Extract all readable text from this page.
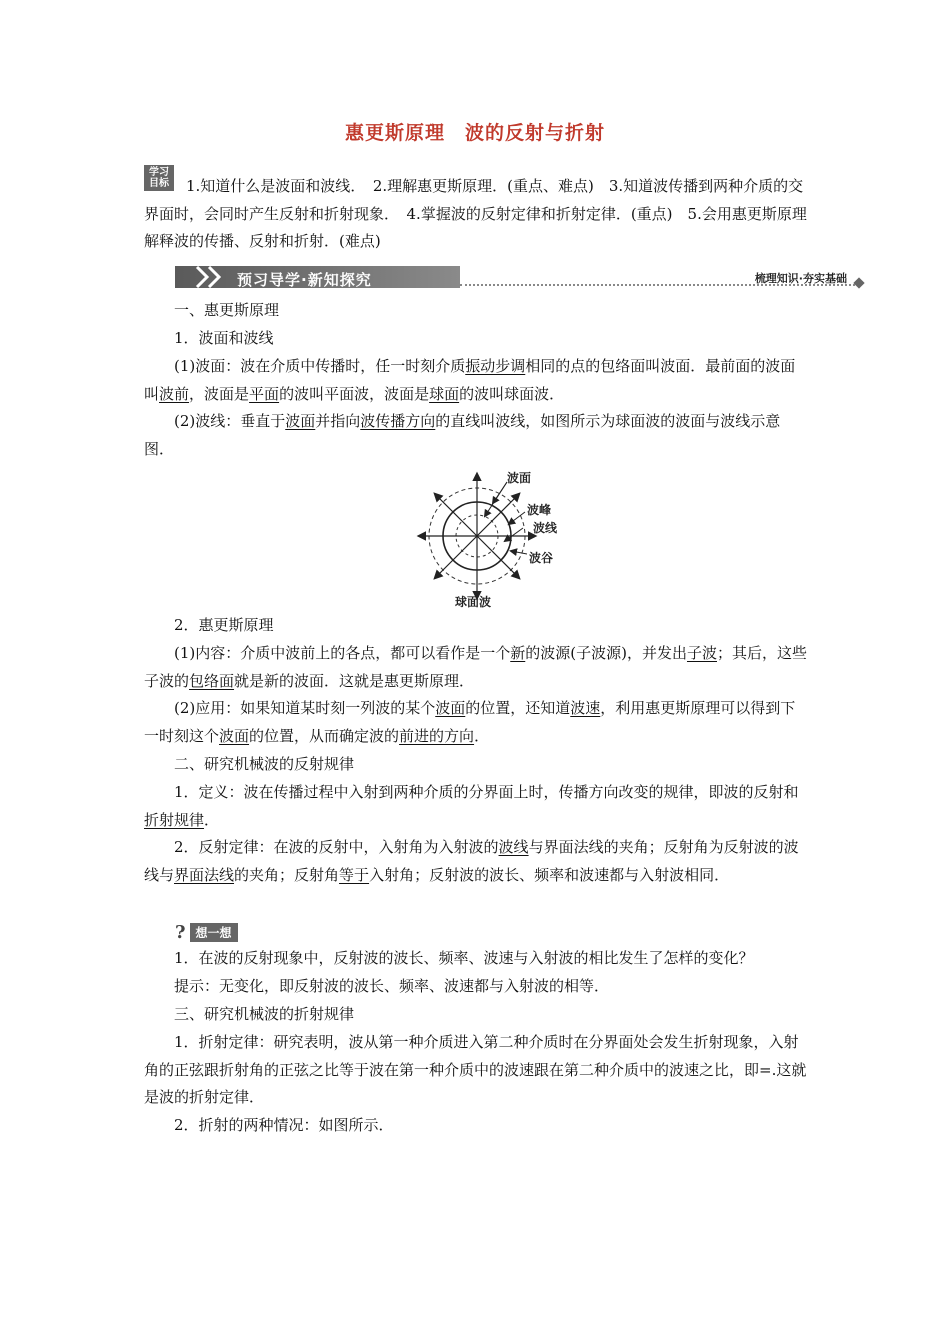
惠更斯原理　波的反射与折射
学习
目标 1.知道什么是波面和波线．　2.理解惠更斯原理．(重点、难点)　3.知道波传播到两种介质的交界面时，会同时产生反射和折射现象．　4.掌握波的反射定律和折射定律．(重点)　5.会用惠更斯原理解释波的传播、反射和折射．(难点)
预习导学·新知探究	梳理知识·夯实基础
一、惠更斯原理
1．波面和波线
(1)波面：波在介质中传播时，任一时刻介质振动步调相同的点的包络面叫波面．最前面的波面叫波前，波面是平面的波叫平面波，波面是球面的波叫球面波．
(2)波线：垂直于波面并指向波传播方向的直线叫波线，如图所示为球面波的波面与波线示意图．
波面
波峰
波线
波谷
球面波
2．惠更斯原理
(1)内容：介质中波前上的各点，都可以看作是一个新的波源(子波源)，并发出子波；其后，这些子波的包络面就是新的波面．这就是惠更斯原理．
(2)应用：如果知道某时刻一列波的某个波面的位置，还知道波速，利用惠更斯原理可以得到下一时刻这个波面的位置，从而确定波的前进的方向．
二、研究机械波的反射规律
1．定义：波在传播过程中入射到两种介质的分界面上时，传播方向改变的规律，即波的反射和折射规律．
2．反射定律：在波的反射中，入射角为入射波的波线与界面法线的夹角；反射角为反射波的波线与界面法线的夹角；反射角等于入射角；反射波的波长、频率和波速都与入射波相同．
? 想一想
1．在波的反射现象中，反射波的波长、频率、波速与入射波的相比发生了怎样的变化？
提示：无变化，即反射波的波长、频率、波速都与入射波的相等．
三、研究机械波的折射规律
1．折射定律：研究表明，波从第一种介质进入第二种介质时在分界面处会发生折射现象，入射角的正弦跟折射角的正弦之比等于波在第一种介质中的波速跟在第二种介质中的波速之比，即=.这就是波的折射定律．
2．折射的两种情况：如图所示．
